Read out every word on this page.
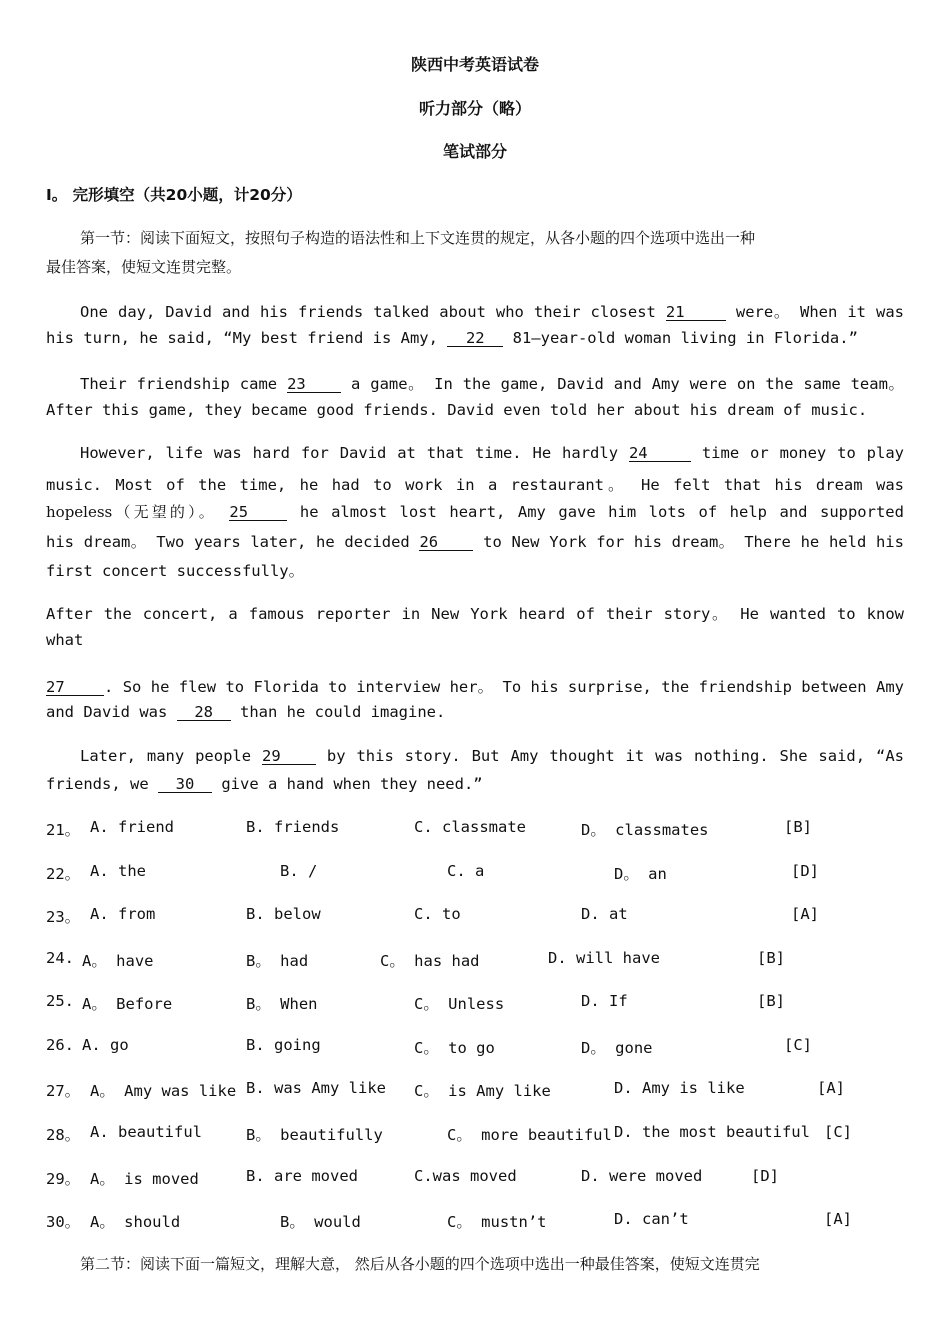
陕西中考英语试卷
听力部分（略）
笔试部分
I。 完形填空（共20小题，计20分）
第一节：阅读下面短文，按照句子构造的语法性和上下文连贯的规定，从各小题的四个选项中选出一种
最佳答案，使短文连贯完整。
One day, David and his friends talked about who their closest 21	were。 When it was
his turn, he said, “My best friend is Amy, 22 81—year-old woman living in Florida.”
Their friendship came 23	a game。 In the game, David and Amy were on the same team。
After this game, they became good friends. David even told her about his dream of music.
However, life was hard for David at that time. He hardly 24	time or money to play
music. Most of the time, he had to work in a restaurant。 He felt that his dream was
hopeless（无望的）。 25	he almost lost heart, Amy gave him lots of help and supported
his dream。 Two years later, he decided 26	to New York for his dream。 There he held his
first concert successfully。
After the concert, a famous reporter in New York heard of their story。 He wanted to know
what
27	. So he flew to Florida to interview her。 To his surprise, the friendship between Amy
and David was 28 than he could imagine.
Later, many people 29	by this story. But Amy thought it was nothing. She said, “As
friends, we 30 give a hand when they need.”
21。 A. friend	B. friends	C. classmate	D。 classmates	[B]
22。 A. the	B. /	C. a	D。 an	[D]
23。 A. from	B. below	C. to	D. at	[A]
24. A。 have	B。 had	C。 has had	D. will have	[B]
25. A。 Before	B。 When	C。 Unless	D. If	[B]
26. A. go	B. going	C。 to go	D。 gone	[C]
27。 A。 Amy was like B. was Amy like C。 is Amy like	D. Amy is like	[A]
28。 A. beautiful	B。 beautifully	C。 more beautiful D. the most beautiful [C]
29。 A。 is moved	B. are moved	C.was moved	D. were moved	[D]
30。 A。 should	B。 would	C。 mustn’t	D. can’t	[A]
第二节：阅读下面一篇短文，理解大意， 然后从各小题的四个选项中选出一种最佳答案，使短文连贯完
